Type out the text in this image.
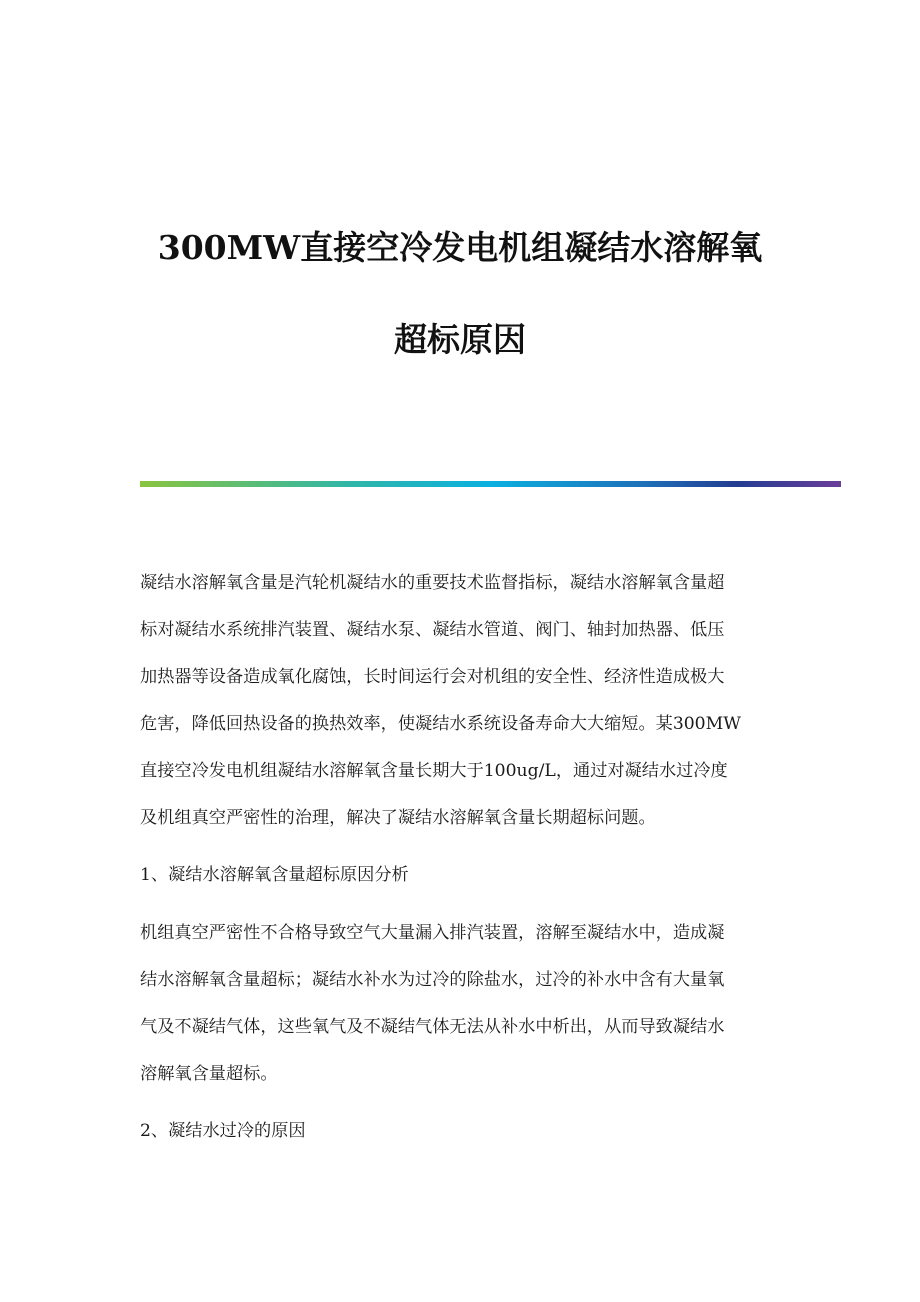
300MW直接空冷发电机组凝结水溶解氧
超标原因
凝结水溶解氧含量是汽轮机凝结水的重要技术监督指标，凝结水溶解氧含量超
标对凝结水系统排汽装置、凝结水泵、凝结水管道、阀门、轴封加热器、低压
加热器等设备造成氧化腐蚀，长时间运行会对机组的安全性、经济性造成极大
危害，降低回热设备的换热效率，使凝结水系统设备寿命大大缩短。某300MW
直接空冷发电机组凝结水溶解氧含量长期大于100ug/L，通过对凝结水过冷度
及机组真空严密性的治理，解决了凝结水溶解氧含量长期超标问题。
1、凝结水溶解氧含量超标原因分析
机组真空严密性不合格导致空气大量漏入排汽装置，溶解至凝结水中，造成凝
结水溶解氧含量超标；凝结水补水为过冷的除盐水，过冷的补水中含有大量氧
气及不凝结气体，这些氧气及不凝结气体无法从补水中析出，从而导致凝结水
溶解氧含量超标。
2、凝结水过冷的原因
